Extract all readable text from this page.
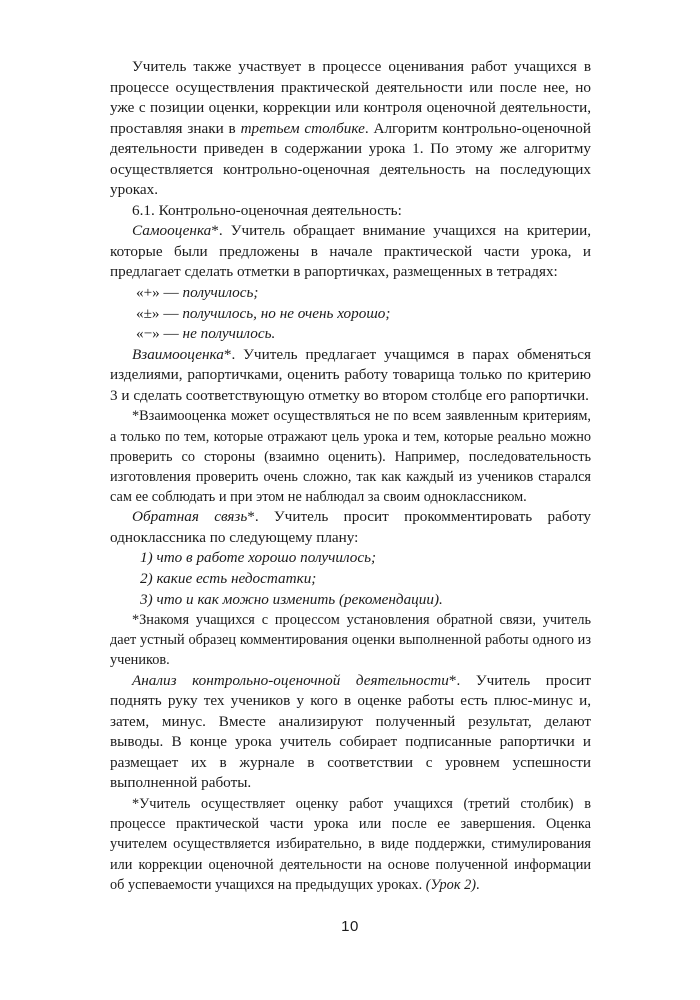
Учитель также участвует в процессе оценивания работ учащихся в процессе осуществления практической деятельности или после нее, но уже с позиции оценки, коррекции или контроля оценочной деятельности, проставляя знаки в третьем столбике. Алгоритм контрольно-оценочной деятельности приведен в содержании урока 1. По этому же алгоритму осуществляется контрольно-оценочная деятельность на последующих уроках.

6.1. Контрольно-оценочная деятельность:

Самооценка*. Учитель обращает внимание учащихся на критерии, которые были предложены в начале практической части урока, и предлагает сделать отметки в рапортичках, размещенных в тетрадях:

«+» — получилось;

«±» — получилось, но не очень хорошо;

«−» — не получилось.

Взаимооценка*. Учитель предлагает учащимся в парах обменяться изделиями, рапортичками, оценить работу товарища только по критерию 3 и сделать соответствующую отметку во втором столбце его рапортички.

*Взаимооценка может осуществляться не по всем заявленным критериям, а только по тем, которые отражают цель урока и тем, которые реально можно проверить со стороны (взаимно оценить). Например, последовательность изготовления проверить очень сложно, так как каждый из учеников старался сам ее соблюдать и при этом не наблюдал за своим одноклассником.

Обратная связь*. Учитель просит прокомментировать работу одноклассника по следующему плану:

1) что в работе хорошо получилось;

2) какие есть недостатки;

3) что и как можно изменить (рекомендации).

*Знакомя учащихся с процессом установления обратной связи, учитель дает устный образец комментирования оценки выполненной работы одного из учеников.

Анализ контрольно-оценочной деятельности*. Учитель просит поднять руку тех учеников у кого в оценке работы есть плюс-минус и, затем, минус. Вместе анализируют полученный результат, делают выводы. В конце урока учитель собирает подписанные рапортички и размещает их в журнале в соответствии с уровнем успешности выполненной работы.

*Учитель осуществляет оценку работ учащихся (третий столбик) в процессе практической части урока или после ее завершения. Оценка учителем осуществляется избирательно, в виде поддержки, стимулирования или коррекции оценочной деятельности на основе полученной информации об успеваемости учащихся на предыдущих уроках. (Урок 2).

10
